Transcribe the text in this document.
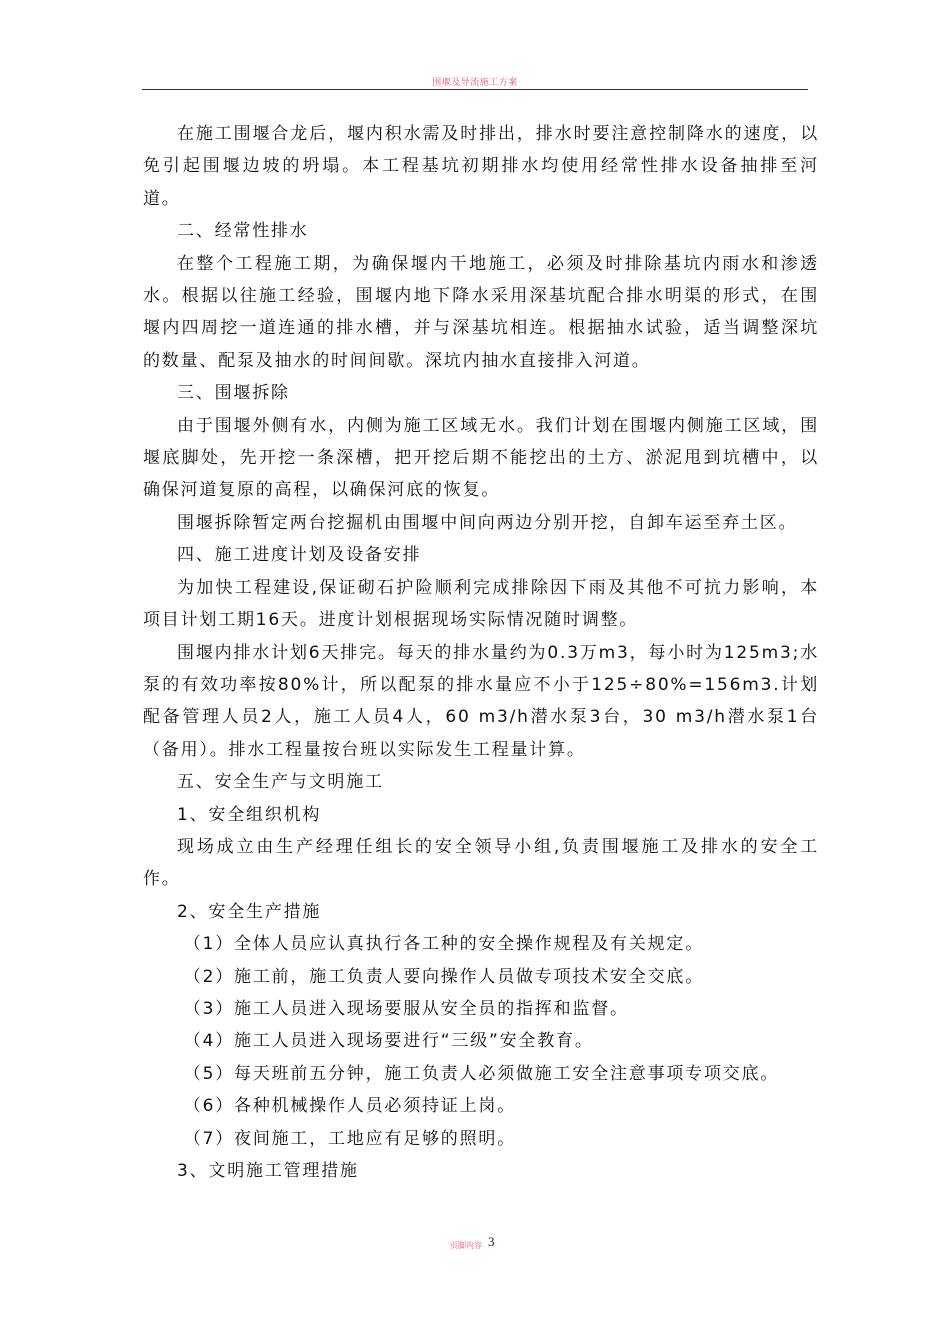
围堰及导流施工方案

在施工围堰合龙后，堰内积水需及时排出，排水时要注意控制降水的速度，以免引起围堰边坡的坍塌。本工程基坑初期排水均使用经常性排水设备抽排至河道。

二、经常性排水

在整个工程施工期，为确保堰内干地施工，必须及时排除基坑内雨水和渗透水。根据以往施工经验，围堰内地下降水采用深基坑配合排水明渠的形式，在围堰内四周挖一道连通的排水槽，并与深基坑相连。根据抽水试验，适当调整深坑的数量、配泵及抽水的时间间歇。深坑内抽水直接排入河道。

三、围堰拆除

由于围堰外侧有水，内侧为施工区域无水。我们计划在围堰内侧施工区域，围堰底脚处，先开挖一条深槽，把开挖后期不能挖出的土方、淤泥甩到坑槽中，以确保河道复原的高程，以确保河底的恢复。

围堰拆除暂定两台挖掘机由围堰中间向两边分别开挖，自卸车运至弃土区。

四、施工进度计划及设备安排

为加快工程建设,保证砌石护险顺利完成排除因下雨及其他不可抗力影响，本项目计划工期16天。进度计划根据现场实际情况随时调整。

围堰内排水计划6天排完。每天的排水量约为0.3万m3，每小时为125m3;水泵的有效功率按80%计，所以配泵的排水量应不小于125÷80%=156m3.计划配备管理人员2人，施工人员4人，60 m3/h潜水泵3台，30 m3/h潜水泵1台（备用）。排水工程量按台班以实际发生工程量计算。

五、安全生产与文明施工

1、安全组织机构

现场成立由生产经理任组长的安全领导小组,负责围堰施工及排水的安全工作。

2、安全生产措施

（1）全体人员应认真执行各工种的安全操作规程及有关规定。

（2）施工前，施工负责人要向操作人员做专项技术安全交底。

（3）施工人员进入现场要服从安全员的指挥和监督。

（4）施工人员进入现场要进行“三级”安全教育。

（5）每天班前五分钟，施工负责人必须做施工安全注意事项专项交底。

（6）各种机械操作人员必须持证上岗。

（7）夜间施工，工地应有足够的照明。

3、文明施工管理措施

页脚内容 3
